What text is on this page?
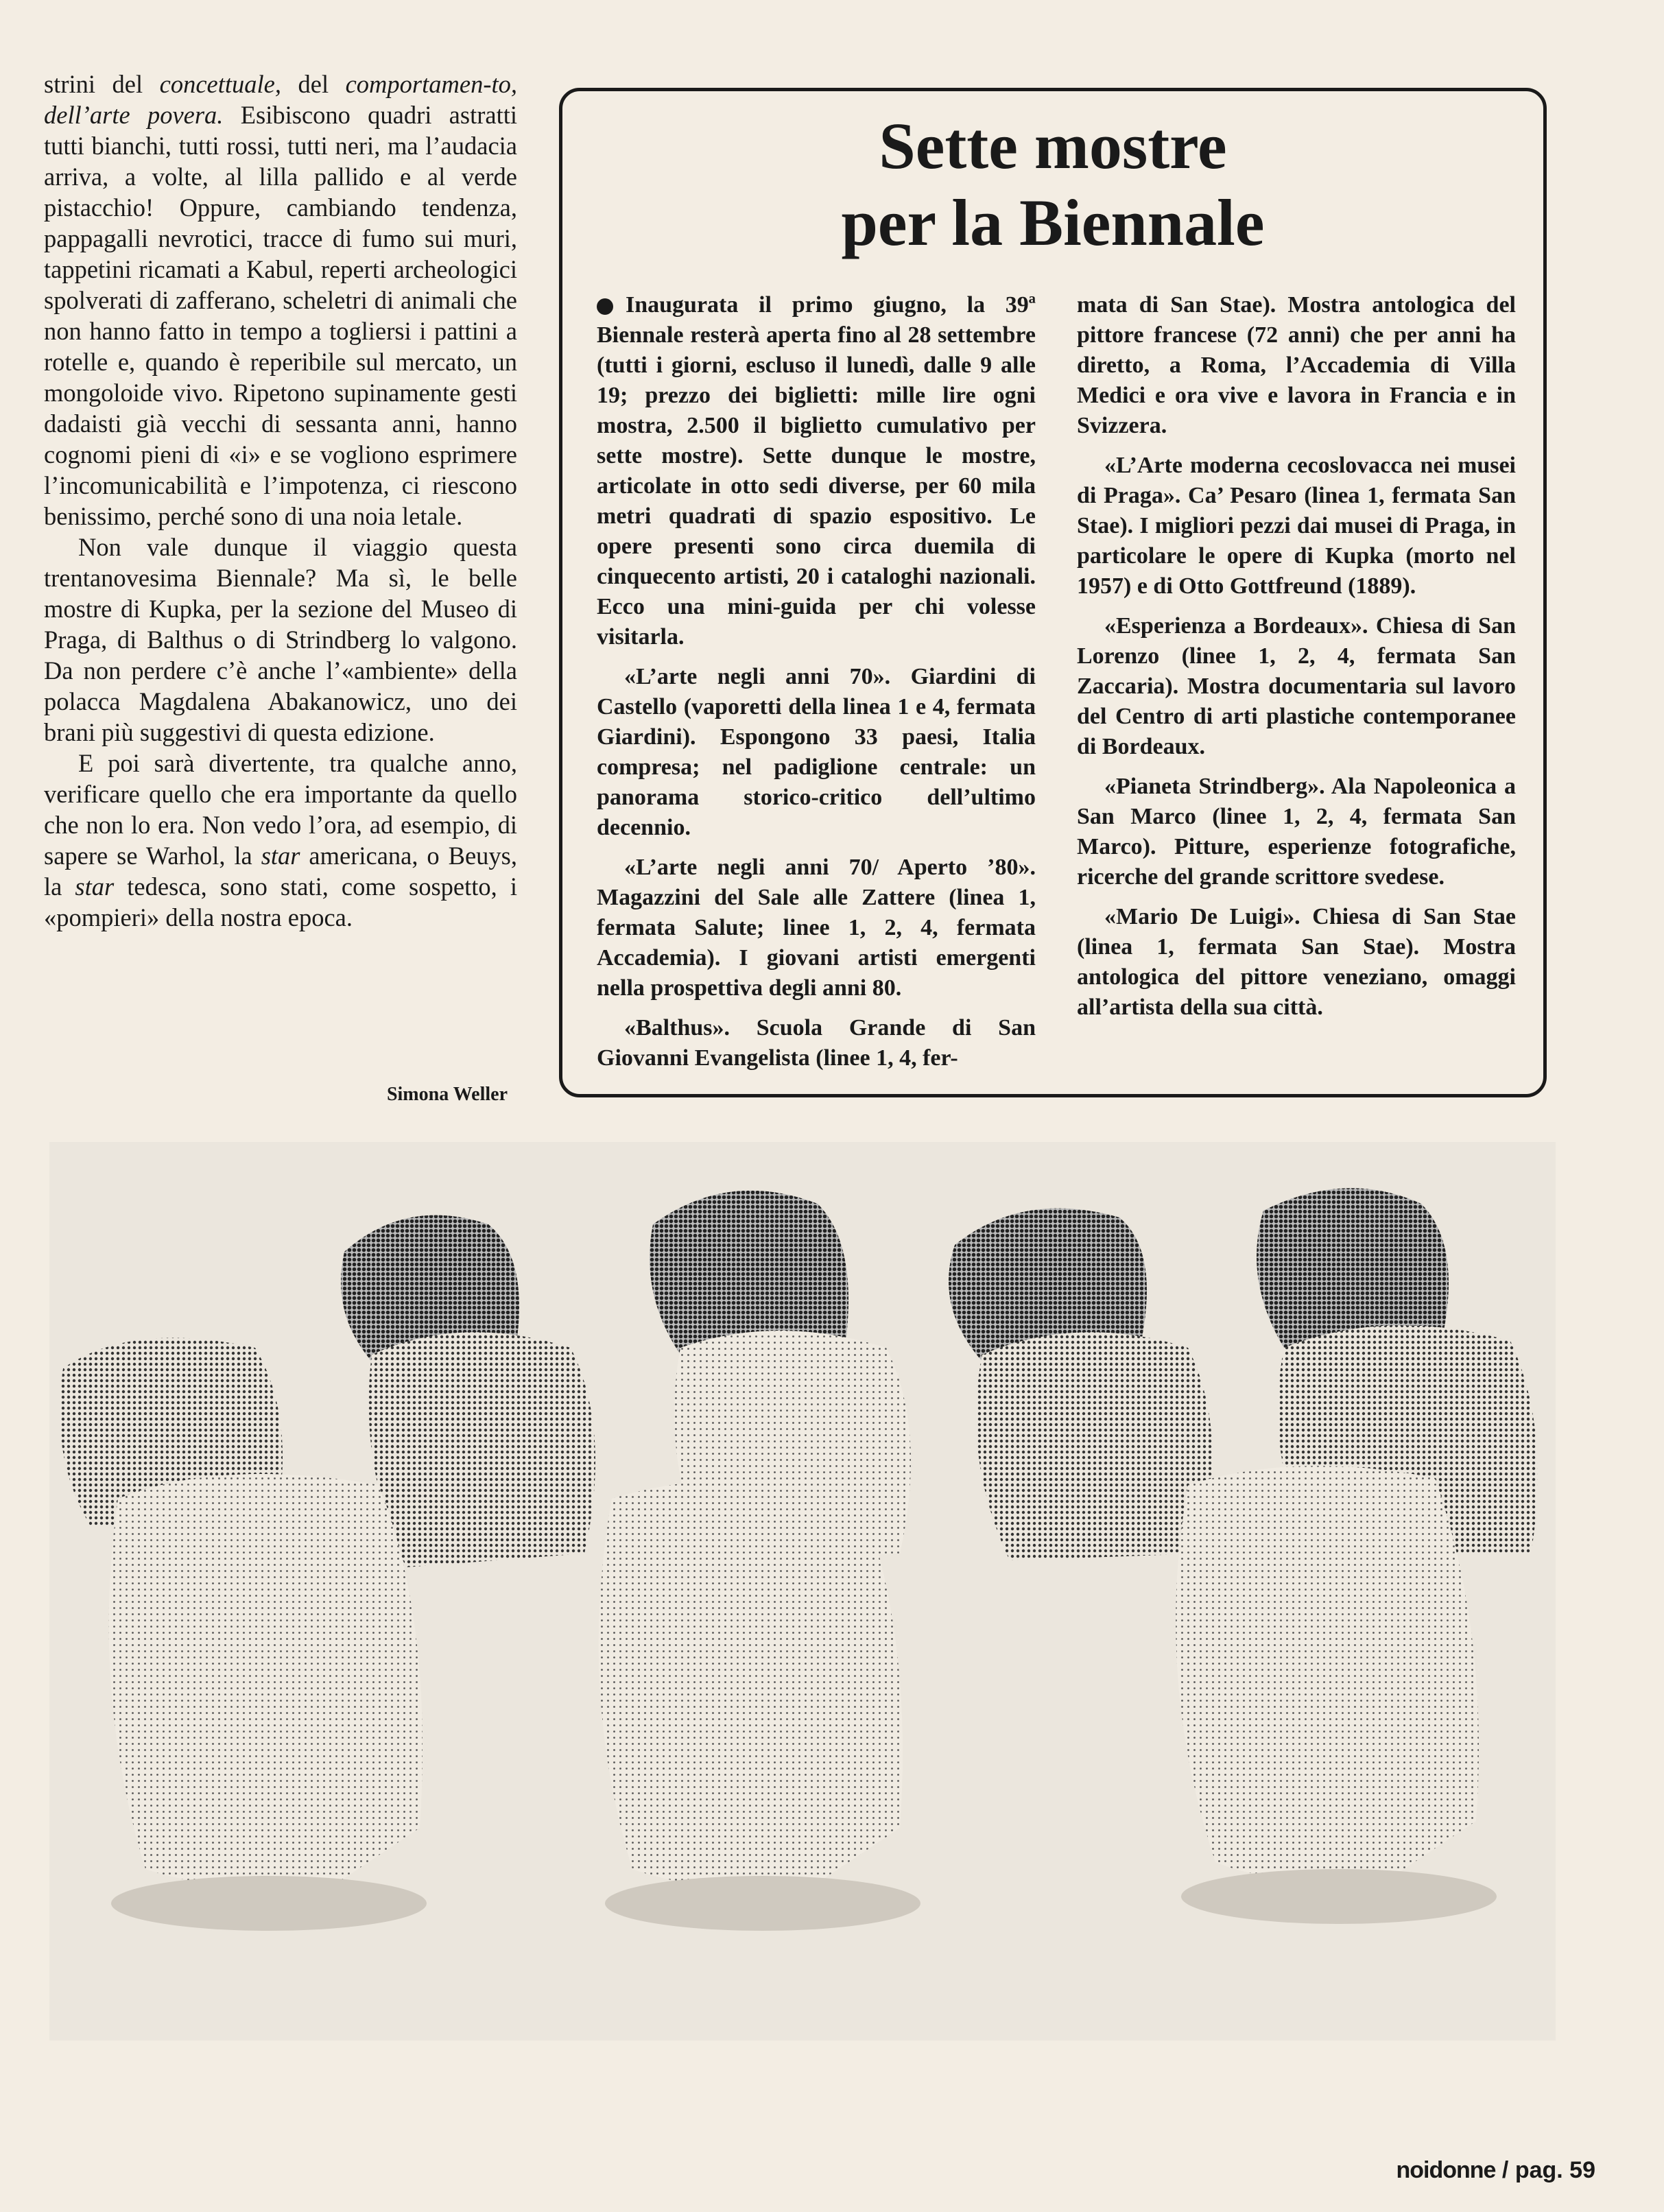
strini del concettuale, del comportamen-to, dell’arte povera. Esibiscono quadri astratti tutti bianchi, tutti rossi, tutti neri, ma l’audacia arriva, a volte, al lilla pallido e al verde pistacchio! Oppure, cambiando tendenza, pappagalli nevrotici, tracce di fumo sui muri, tappetini ricamati a Kabul, reperti archeologici spolverati di zafferano, scheletri di animali che non hanno fatto in tempo a togliersi i pattini a rotelle e, quando è reperibile sul mercato, un mongoloide vivo. Ripetono supinamente gesti dadaisti già vecchi di sessanta anni, hanno cognomi pieni di «i» e se vogliono esprimere l’incomunicabilità e l’impotenza, ci riescono benissimo, perché sono di una noia letale.

Non vale dunque il viaggio questa trentanovesima Biennale? Ma sì, le belle mostre di Kupka, per la sezione del Museo di Praga, di Balthus o di Strindberg lo valgono. Da non perdere c’è anche l’«ambiente» della polacca Magdalena Abakanowicz, uno dei brani più suggestivi di questa edizione.

E poi sarà divertente, tra qualche anno, verificare quello che era importante da quello che non lo era. Non vedo l’ora, ad esempio, di sapere se Warhol, la star americana, o Beuys, la star tedesca, sono stati, come sospetto, i «pompieri» della nostra epoca.

Simona Weller
Sette mostre
per la Biennale

Inaugurata il primo giugno, la 39ª Biennale resterà aperta fino al 28 settembre (tutti i giorni, escluso il lunedì, dalle 9 alle 19; prezzo dei biglietti: mille lire ogni mostra, 2.500 il biglietto cumulativo per sette mostre). Sette dunque le mostre, articolate in otto sedi diverse, per 60 mila metri quadrati di spazio espositivo. Le opere presenti sono circa duemila di cinquecento artisti, 20 i cataloghi nazionali. Ecco una mini-guida per chi volesse visitarla.

«L’arte negli anni 70». Giardini di Castello (vaporetti della linea 1 e 4, fermata Giardini). Espongono 33 paesi, Italia compresa; nel padiglione centrale: un panorama storico-critico dell’ultimo decennio.

«L’arte negli anni 70/ Aperto ’80». Magazzini del Sale alle Zattere (linea 1, fermata Salute; linee 1, 2, 4, fermata Accademia). I giovani artisti emergenti nella prospettiva degli anni 80.

«Balthus». Scuola Grande di San Giovanni Evangelista (linee 1, 4, fer-

mata di San Stae). Mostra antologica del pittore francese (72 anni) che per anni ha diretto, a Roma, l’Accademia di Villa Medici e ora vive e lavora in Francia e in Svizzera.

«L’Arte moderna cecoslovacca nei musei di Praga». Ca’ Pesaro (linea 1, fermata San Stae). I migliori pezzi dai musei di Praga, in particolare le opere di Kupka (morto nel 1957) e di Otto Gottfreund (1889).

«Esperienza a Bordeaux». Chiesa di San Lorenzo (linee 1, 2, 4, fermata San Zaccaria). Mostra documentaria sul lavoro del Centro di arti plastiche contemporanee di Bordeaux.

«Pianeta Strindberg». Ala Napoleonica a San Marco (linee 1, 2, 4, fermata San Marco). Pitture, esperienze fotografiche, ricerche del grande scrittore svedese.

«Mario De Luigi». Chiesa di San Stae (linea 1, fermata San Stae). Mostra antologica del pittore veneziano, omaggi all’artista della sua città.

noidonne / pag. 59
